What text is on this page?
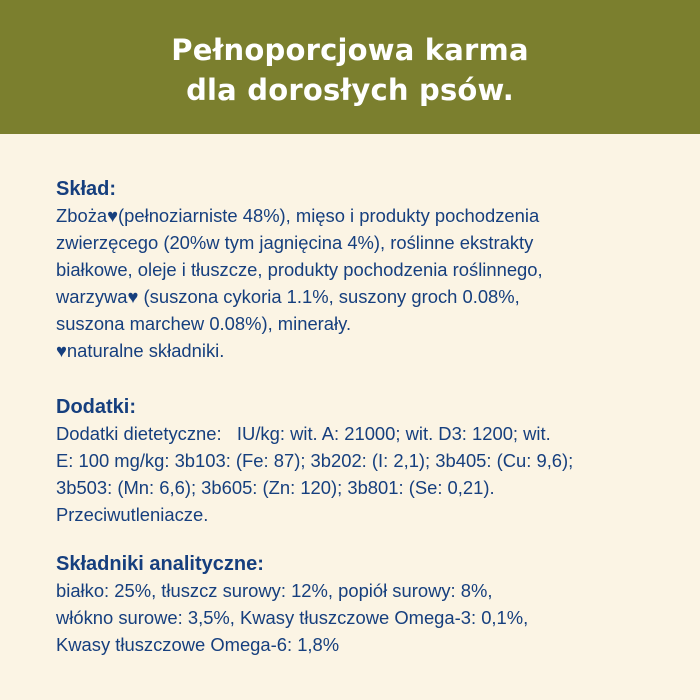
Pełnoporcjowa karma
dla dorosłych psów.
Skład:
Zboża♥(pełnoziarniste 48%), mięso i produkty pochodzenia
zwierzęcego (20%w tym jagnięcina 4%), roślinne ekstrakty
białkowe, oleje i tłuszcze, produkty pochodzenia roślinnego,
warzywa♥ (suszona cykoria 1.1%, suszony groch 0.08%,
suszona marchew 0.08%), minerały.
♥naturalne składniki.
Dodatki:
Dodatki dietetyczne:   IU/kg: wit. A: 21000; wit. D3: 1200; wit.
E: 100 mg/kg: 3b103: (Fe: 87); 3b202: (I: 2,1); 3b405: (Cu: 9,6);
3b503: (Mn: 6,6); 3b605: (Zn: 120); 3b801: (Se: 0,21).
Przeciwutleniacze.
Składniki analityczne:
białko: 25%, tłuszcz surowy: 12%, popiół surowy: 8%,
włókno surowe: 3,5%, Kwasy tłuszczowe Omega-3: 0,1%,
Kwasy tłuszczowe Omega-6: 1,8%
